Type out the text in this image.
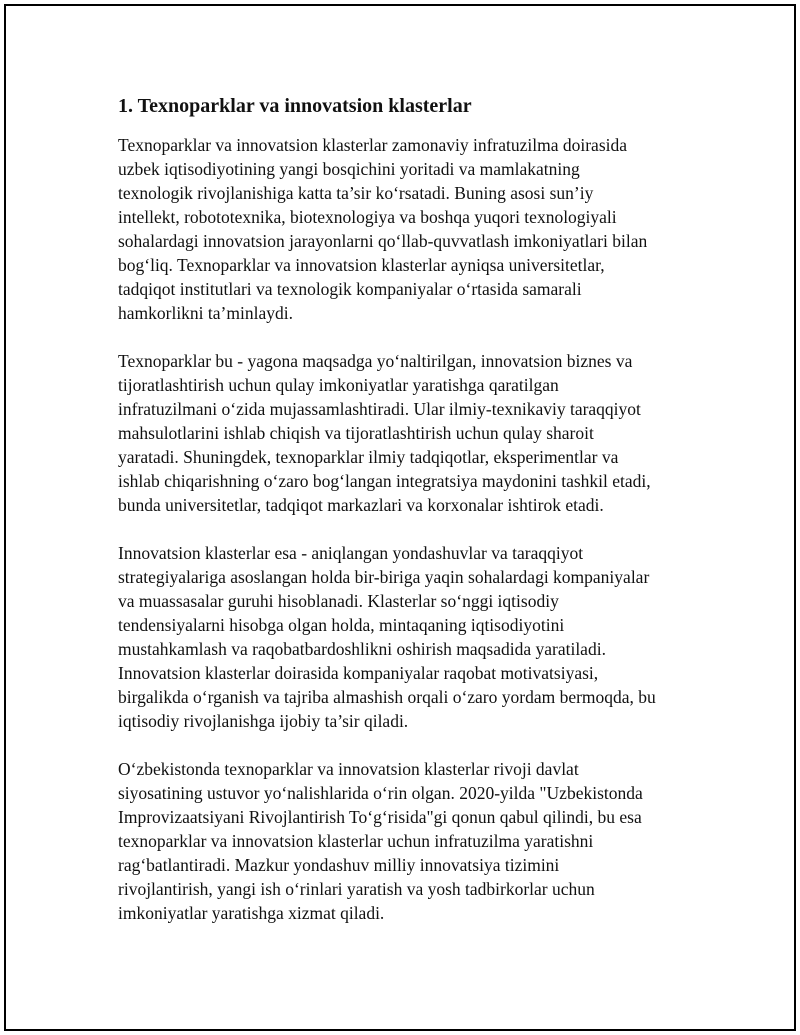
1. Texnoparklar va innovatsion klasterlar

Texnoparklar va innovatsion klasterlar zamonaviy infratuzilma doirasida
uzbek iqtisodiyotining yangi bosqichini yoritadi va mamlakatning
texnologik rivojlanishiga katta ta’sir ko‘rsatadi. Buning asosi sun’iy
intellekt, robototexnika, biotexnologiya va boshqa yuqori texnologiyali
sohalardagi innovatsion jarayonlarni qo‘llab-quvvatlash imkoniyatlari bilan
bog‘liq. Texnoparklar va innovatsion klasterlar ayniqsa universitetlar,
tadqiqot institutlari va texnologik kompaniyalar o‘rtasida samarali
hamkorlikni ta’minlaydi.

Texnoparklar bu - yagona maqsadga yo‘naltirilgan, innovatsion biznes va
tijoratlashtirish uchun qulay imkoniyatlar yaratishga qaratilgan
infratuzilmani o‘zida mujassamlashtiradi. Ular ilmiy-texnikaviy taraqqiyot
mahsulotlarini ishlab chiqish va tijoratlashtirish uchun qulay sharoit
yaratadi. Shuningdek, texnoparklar ilmiy tadqiqotlar, eksperimentlar va
ishlab chiqarishning o‘zaro bog‘langan integratsiya maydonini tashkil etadi,
bunda universitetlar, tadqiqot markazlari va korxonalar ishtirok etadi.

Innovatsion klasterlar esa - aniqlangan yondashuvlar va taraqqiyot
strategiyalariga asoslangan holda bir-biriga yaqin sohalardagi kompaniyalar
va muassasalar guruhi hisoblanadi. Klasterlar so‘nggi iqtisodiy
tendensiyalarni hisobga olgan holda, mintaqaning iqtisodiyotini
mustahkamlash va raqobatbardoshlikni oshirish maqsadida yaratiladi.
Innovatsion klasterlar doirasida kompaniyalar raqobat motivatsiyasi,
birgalikda o‘rganish va tajriba almashish orqali o‘zaro yordam bermoqda, bu
iqtisodiy rivojlanishga ijobiy ta’sir qiladi.

O‘zbekistonda texnoparklar va innovatsion klasterlar rivoji davlat
siyosatining ustuvor yo‘nalishlarida o‘rin olgan. 2020-yilda "Uzbekistonda
Improvizaatsiyani Rivojlantirish To‘g‘risida"gi qonun qabul qilindi, bu esa
texnoparklar va innovatsion klasterlar uchun infratuzilma yaratishni
rag‘batlantiradi. Mazkur yondashuv milliy innovatsiya tizimini
rivojlantirish, yangi ish o‘rinlari yaratish va yosh tadbirkorlar uchun
imkoniyatlar yaratishga xizmat qiladi.
